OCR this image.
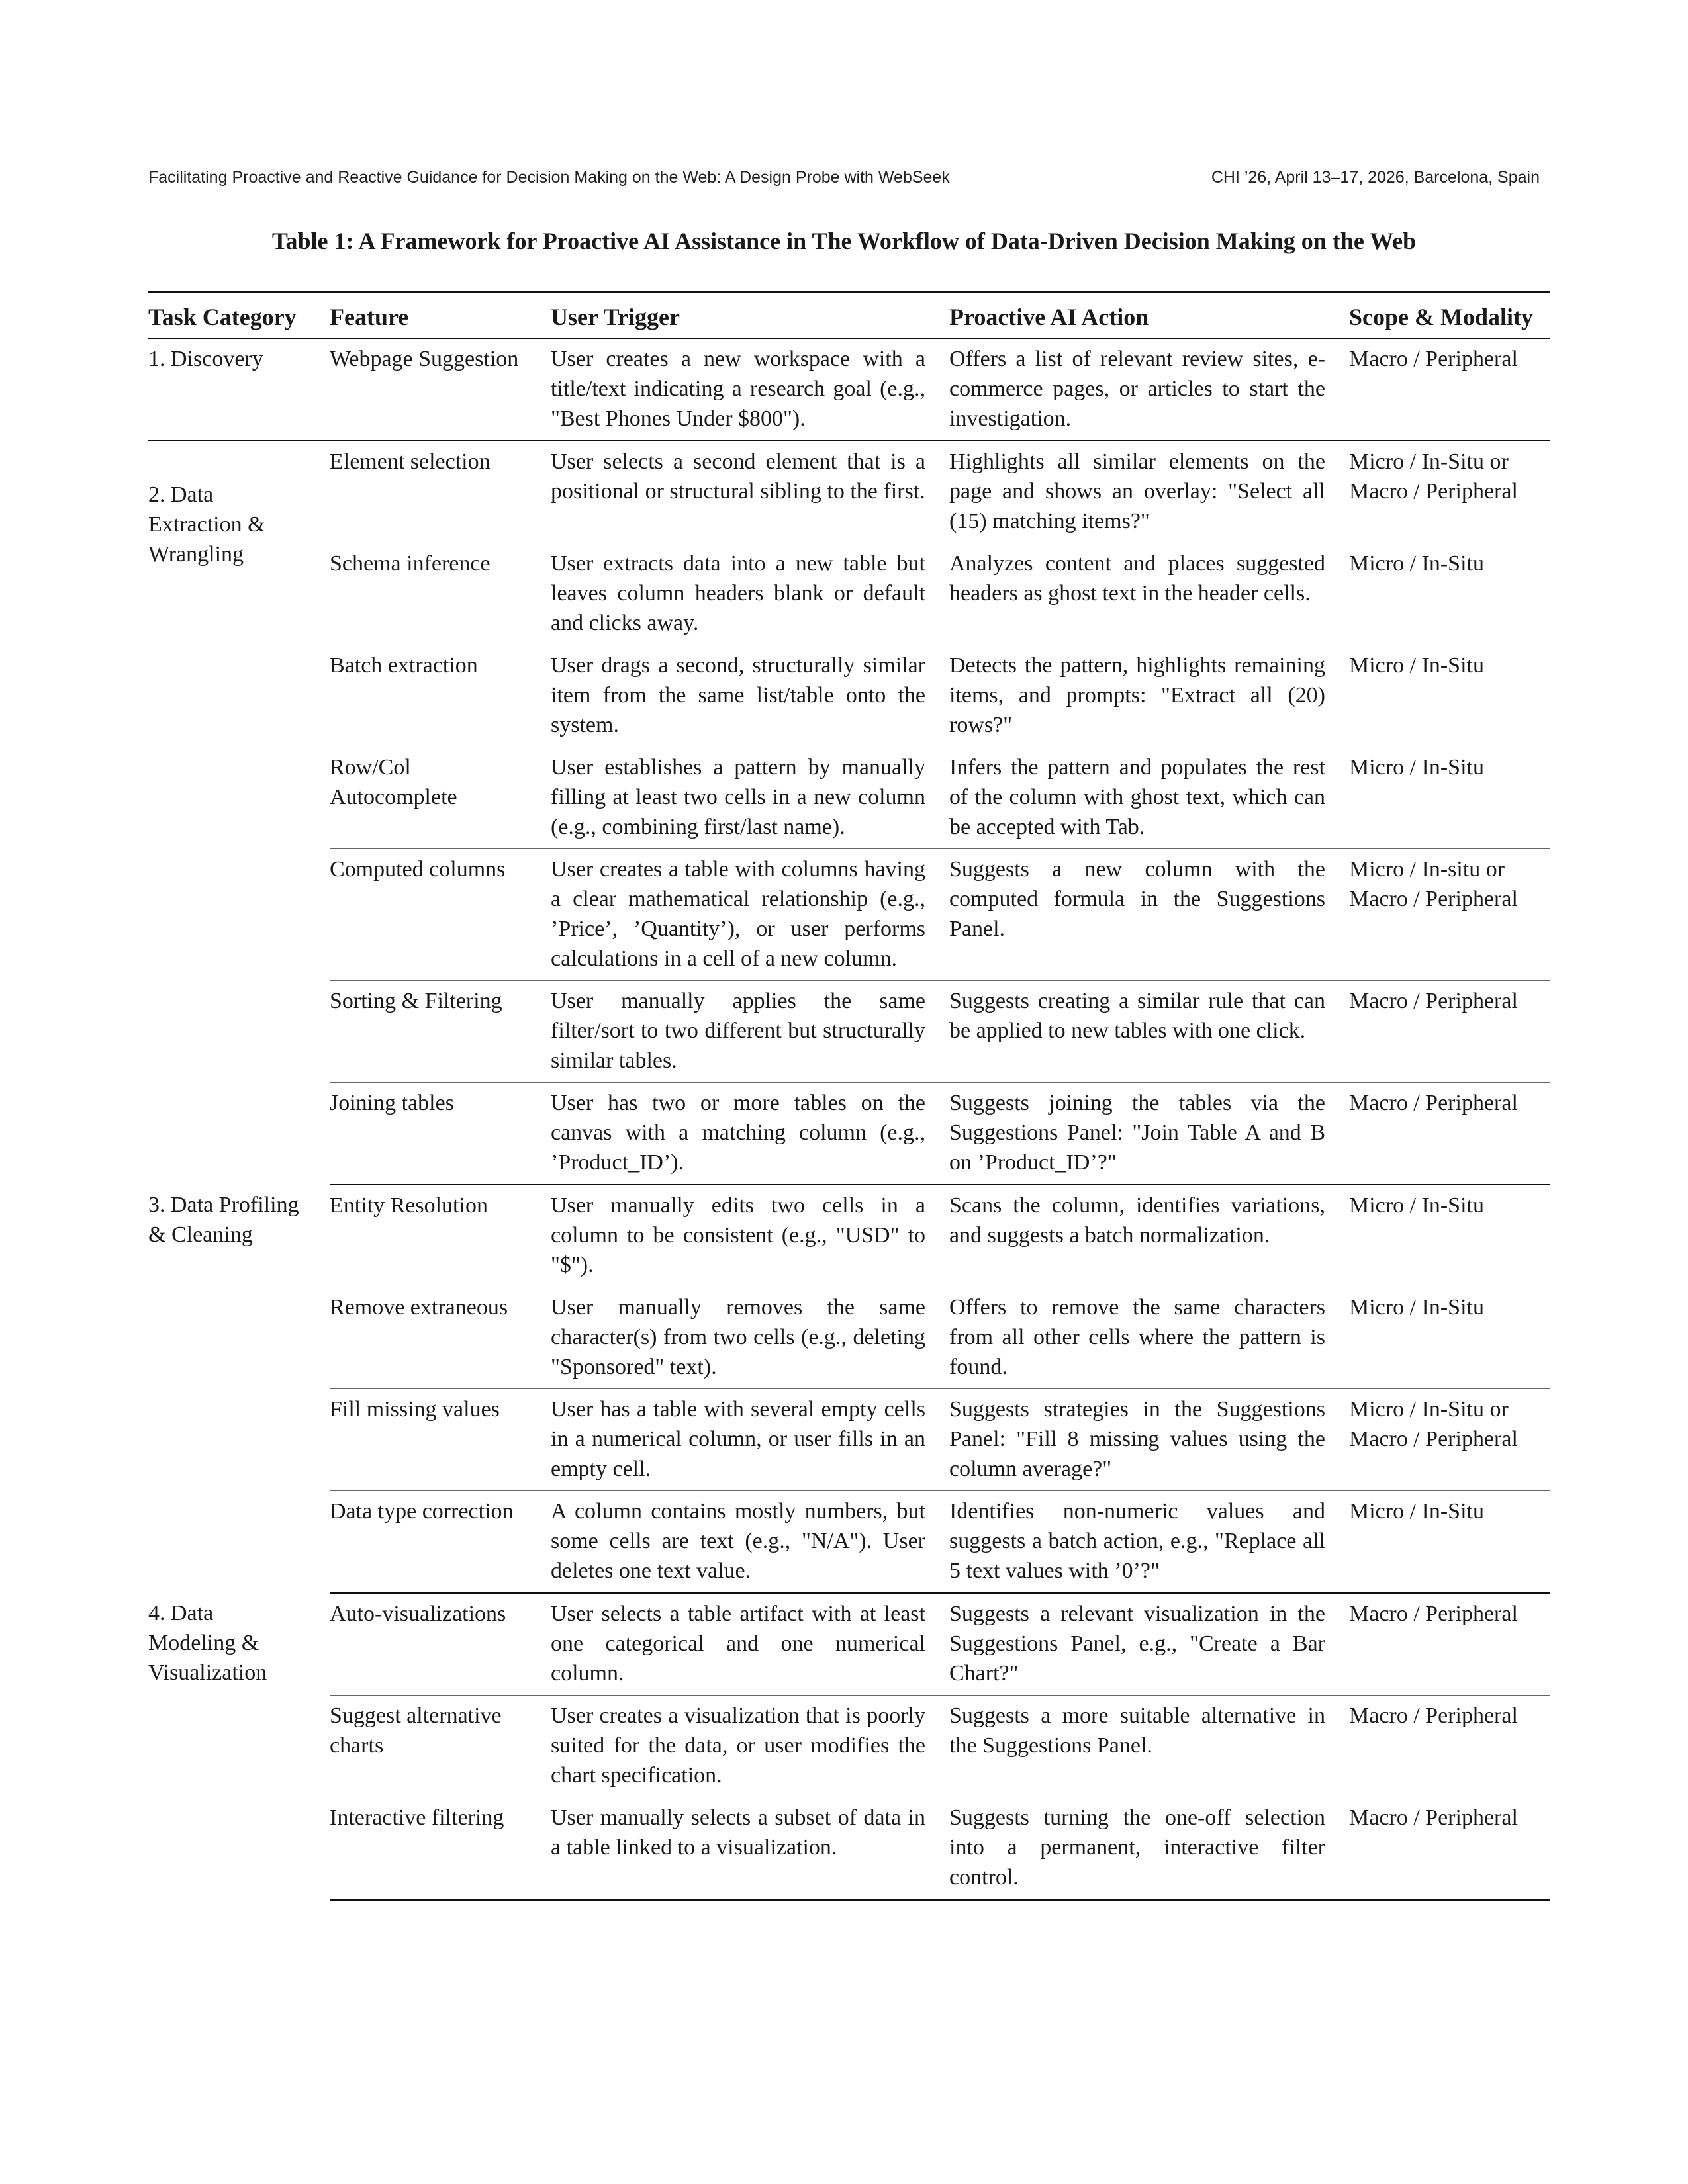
Facilitating Proactive and Reactive Guidance for Decision Making on the Web: A Design Probe with WebSeek	CHI ’26, April 13–17, 2026, Barcelona, Spain
Table 1: A Framework for Proactive AI Assistance in The Workflow of Data-Driven Decision Making on the Web
Task Category	Feature	User Trigger	Proactive AI Action	Scope & Modality

1. Discovery	Webpage Suggestion	User creates a new workspace with a title/text indicating a research goal (e.g., "Best Phones Under $800").	Offers a list of relevant review sites, e-commerce pages, or articles to start the investigation.	Macro / Peripheral

2. Data Extraction & Wrangling	Element selection	User selects a second element that is a positional or structural sibling to the first.	Highlights all similar elements on the page and shows an overlay: "Select all (15) matching items?"	Micro / In-Situ or Macro / Peripheral

	Schema inference	User extracts data into a new table but leaves column headers blank or default and clicks away.	Analyzes content and places suggested headers as ghost text in the header cells.	Micro / In-Situ

	Batch extraction	User drags a second, structurally similar item from the same list/table onto the system.	Detects the pattern, highlights remaining items, and prompts: "Extract all (20) rows?"	Micro / In-Situ

	Row/Col Autocomplete	User establishes a pattern by manually filling at least two cells in a new column (e.g., combining first/last name).	Infers the pattern and populates the rest of the column with ghost text, which can be accepted with Tab.	Micro / In-Situ

	Computed columns	User creates a table with columns having a clear mathematical relationship (e.g., ’Price’, ’Quantity’), or user performs calculations in a cell of a new column.	Suggests a new column with the computed formula in the Suggestions Panel.	Micro / In-situ or Macro / Peripheral

	Sorting & Filtering	User manually applies the same filter/sort to two different but structurally similar tables.	Suggests creating a similar rule that can be applied to new tables with one click.	Macro / Peripheral

	Joining tables	User has two or more tables on the canvas with a matching column (e.g., ’Product_ID’).	Suggests joining the tables via the Suggestions Panel: "Join Table A and B on ’Product_ID’?"	Macro / Peripheral

3. Data Profiling & Cleaning	Entity Resolution	User manually edits two cells in a column to be consistent (e.g., "USD" to "$").	Scans the column, identifies variations, and suggests a batch normalization.	Micro / In-Situ

	Remove extraneous	User manually removes the same character(s) from two cells (e.g., deleting "Sponsored" text).	Offers to remove the same characters from all other cells where the pattern is found.	Micro / In-Situ

	Fill missing values	User has a table with several empty cells in a numerical column, or user fills in an empty cell.	Suggests strategies in the Suggestions Panel: "Fill 8 missing values using the column average?"	Micro / In-Situ or Macro / Peripheral

	Data type correction	A column contains mostly numbers, but some cells are text (e.g., "N/A"). User deletes one text value.	Identifies non-numeric values and suggests a batch action, e.g., "Replace all 5 text values with ’0’?"	Micro / In-Situ

4. Data Modeling & Visualization	Auto-visualizations	User selects a table artifact with at least one categorical and one numerical column.	Suggests a relevant visualization in the Suggestions Panel, e.g., "Create a Bar Chart?"	Macro / Peripheral

	Suggest alternative charts	User creates a visualization that is poorly suited for the data, or user modifies the chart specification.	Suggests a more suitable alternative in the Suggestions Panel.	Macro / Peripheral

	Interactive filtering	User manually selects a subset of data in a table linked to a visualization.	Suggests turning the one-off selection into a permanent, interactive filter control.	Macro / Peripheral
